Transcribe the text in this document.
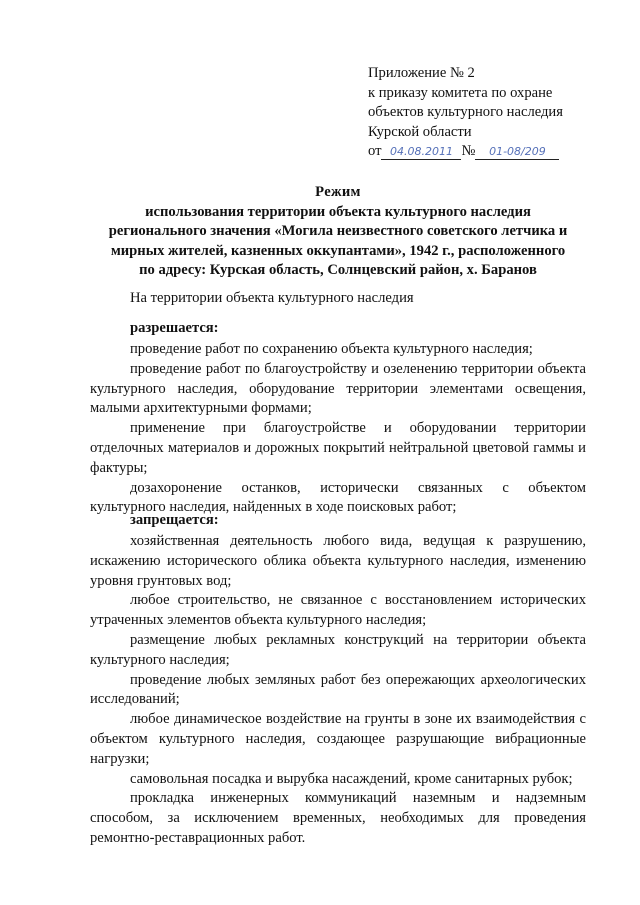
Приложение № 2
к приказу комитета по охране
объектов культурного наследия
Курской области
от 04.08.2011 № 01-08/209
Режим
использования территории объекта культурного наследия
регионального значения «Могила неизвестного советского летчика и
мирных жителей, казненных оккупантами», 1942 г., расположенного
по адресу: Курская область, Солнцевский район, х. Баранов
На территории объекта культурного наследия
разрешается:

проведение работ по сохранению объекта культурного наследия;

проведение работ по благоустройству и озеленению территории объекта культурного наследия, оборудование территории элементами освещения, малыми архитектурными формами;

применение при благоустройстве и оборудовании территории отделочных материалов и дорожных покрытий нейтральной цветовой гаммы и фактуры;

дозахоронение останков, исторически связанных с объектом культурного наследия, найденных в ходе поисковых работ;

запрещается:

хозяйственная деятельность любого вида, ведущая к разрушению, искажению исторического облика объекта культурного наследия, изменению уровня грунтовых вод;

любое строительство, не связанное с восстановлением исторических утраченных элементов объекта культурного наследия;

размещение любых рекламных конструкций на территории объекта культурного наследия;

проведение любых земляных работ без опережающих археологических исследований;

любое динамическое воздействие на грунты в зоне их взаимодействия с объектом культурного наследия, создающее разрушающие вибрационные нагрузки;

самовольная посадка и вырубка насаждений, кроме санитарных рубок;

прокладка инженерных коммуникаций наземным и надземным способом, за исключением временных, необходимых для проведения ремонтно-реставрационных работ.
